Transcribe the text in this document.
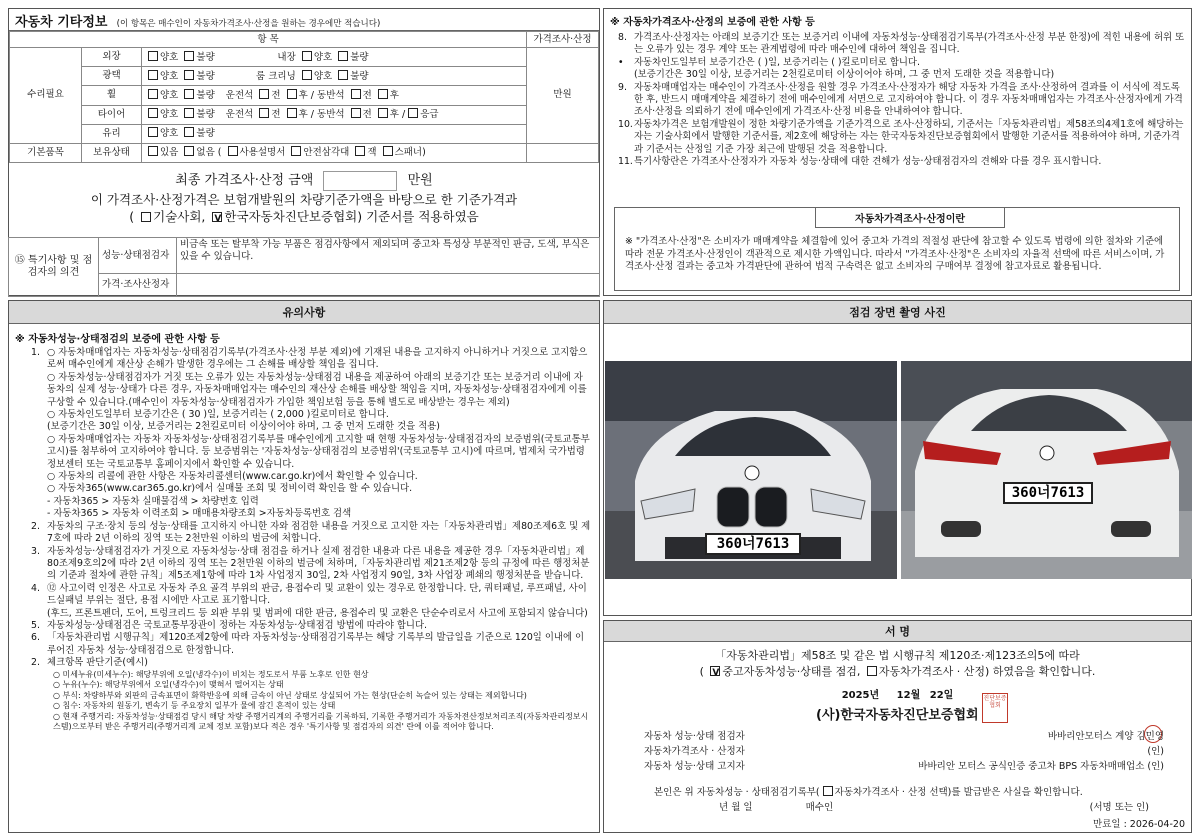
자동차 기타정보 (이 항목은 매수인이 자동차가격조사·산정을 원하는 경우에만 적습니다)
항 목			가격조사·산정
수리필요	외장	양호 불량 내장 양호 불량	만원
	광택	양호 불량 룸 크리닝 양호 불량	
	휠	양호 불량 운전석 전 후 / 동반석 전 후	
	타이어	양호 불량 운전석 전 후 / 동반석 전 후 / 응급	
	유리	양호 불량	
기본품목	보유상태	있음 없음 ( 사용설명서 안전삼각대 잭 스패너)	
최종 가격조사·산정 금액	만원
이 가격조사·산정가격은 보험개발원의 차량기준가액을 바탕으로 한 기준가격과
( 기술사회, V 한국자동차진단보증협회) 기준서를 적용하였음
⑮ 특기사항 및 점검자의 의견	성능·상태점검자	비금속 또는 탈부착 가능 부품은 점검사항에서 제외되며 중고차 특성상 부분적인 판금, 도색, 부식은 있을 수 있습니다.
	가격·조사산정자	
※ 자동차가격조사·산정의 보증에 관한 사항 등
8. 가격조사·산정자는 아래의 보증기간 또는 보증거리 이내에 자동차성능·상태점검기록부(가격조사·산정 부분 한정)에 적힌 내용에 허위 또는 오류가 있는 경우 계약 또는 관계법령에 따라 매수인에 대하여 책임을 집니다.
•	자동차인도일부터 보증기간은 ( )일, 보증거리는 ( )킬로미터로 합니다.
(보증기간은 30일 이상, 보증거리는 2천킬로미터 이상이어야 하며, 그 중 먼저 도래한 것을 적용합니다)
9. 자동차매매업자는 매수인이 가격조사·산정을 원할 경우 가격조사·산정자가 해당 자동차 가격을 조사·산정하여 결과를 이 서식에 적도록 한 후, 반드시 매매계약을 체결하기 전에 매수인에게 서면으로 고지하여야 합니다. 이 경우 자동차매매업자는 가격조사·산정자에게 가격조사·산정을 의뢰하기 전에 매수인에게 가격조사·산정 비용을 안내하여야 합니다.
10. 자동차가격은 보험개발원이 정한 차량기준가액을 기준가격으로 조사·산정하되, 기준서는「자동차관리법」제58조의4제1호에 해당하는 자는 기술사회에서 발행한 기준서를, 제2호에 해당하는 자는 한국자동차진단보증협회에서 발행한 기준서를 적용하여야 하며, 기준가격과 기준서는 산정일 기준 가장 최근에 발행된 것을 적용합니다.
11. 특기사항란은 가격조사·산정자가 자동차 성능·상태에 대한 견해가 성능·상태점검자의 견해와 다를 경우 표시합니다.
자동차가격조사·산정이란
※ "가격조사·산정"은 소비자가 매매계약을 체결함에 있어 중고차 가격의 적절성 판단에 참고할 수 있도록 법령에 의한 절차와 기준에 따라 전문 가격조사·산정인이 객관적으로 제시한 가액입니다. 따라서 "가격조사·산정"은 소비자의 자율적 선택에 따른 서비스이며, 가격조사·산정 결과는 중고차 가격판단에 관하여 법적 구속력은 없고 소비자의 구매여부 결정에 참고자료로 활용됩니다.
유의사항
※ 자동차성능·상태점검의 보증에 관한 사항 등
1. ○ 자동차매매업자는 자동차성능·상태점검기록부(가격조사·산정 부분 제외)에 기재된 내용을 고지하지 아니하거나 거짓으로 고지함으로써 매수인에게 재산상 손해가 발생한 경우에는 그 손해를 배상할 책임을 집니다.
○ 자동차성능·상태점검자가 거짓 또는 오류가 있는 자동차성능·상태점검 내용을 제공하여 아래의 보증기간 또는 보증거리 이내에 자동차의 실제 성능·상태가 다른 경우, 자동차매매업자는 매수인의 재산상 손해를 배상할 책임을 지며, 자동차성능·상태점검자에게 이를 구상할 수 있습니다.(매수인이 자동차성능·상태점검자가 가입한 책임보험 등을 통해 별도로 배상받는 경우는 제외)
○ 자동차인도일부터 보증기간은 ( 30 )일, 보증거리는 ( 2,000 )킬로미터로 합니다.
(보증기간은 30일 이상, 보증거리는 2천킬로미터 이상이어야 하며, 그 중 먼저 도래한 것을 적용)
○ 자동차매매업자는 자동차 자동차성능·상태점검기록부를 매수인에게 고지할 때 현행 자동차성능·상태점검자의 보증범위(국토교통부 고시)를 첨부하여 고지하여야 합니다. 등 보증범위는 '자동차성능·상태점검의 보증범위'(국토교통부 고시)에 따르며, 법제처 국가법령정보센터 또는 국토교통부 홈페이지에서 확인할 수 있습니다.
○ 자동차의 리콜에 관한 사항은 자동차리콜센터(www.car.go.kr)에서 확인할 수 있습니다.
○ 자동차365(www.car365.go.kr)에서 실매물 조회 및 정비이력 확인을 할 수 있습니다.
- 자동차365 > 자동차 실매물검색 > 차량번호 입력
- 자동차365 > 자동차 이력조회 > 매매용차량조회 >자동차등록번호 검색
2. 자동차의 구조·장치 등의 성능·상태를 고지하지 아니한 자와 점검한 내용을 거짓으로 고지한 자는「자동차관리법」제80조제6호 및 제7호에 따라 2년 이하의 징역 또는 2천만원 이하의 벌금에 처합니다.
3. 자동차성능·상태점검자가 거짓으로 자동차성능·상태 점검을 하거나 실제 점검한 내용과 다른 내용을 제공한 경우「자동차관리법」제80조제9호의2에 따라 2년 이하의 징역 또는 2천만원 이하의 벌금에 처하며,「자동차관리법 제21조제2항 등의 규정에 따른 행정처분의 기준과 절차에 관한 규칙」제5조제1항에 따라 1차 사업정지 30일, 2차 사업정지 90일, 3차 사업장 폐쇄의 행정처분을 받습니다.
4. ⑫ 사고이력 인정은 사고로 자동차 주요 골격 부위의 판금, 용접수리 및 교환이 있는 경우로 한정합니다. 단, 쿼터패널, 루프패널, 사이드실패널 부위는 절단, 용접 시에만 사고로 표기합니다.
(후드, 프론트펜더, 도어, 트렁크리드 등 외판 부위 및 범퍼에 대한 판금, 용접수리 및 교환은 단순수리로서 사고에 포함되지 않습니다)
5. 자동차성능·상태점검은 국토교통부장관이 정하는 자동차성능·상태점검 방법에 따라야 합니다.
6. 「자동차관리법 시행규칙」제120조제2항에 따라 자동차성능·상태점검기록부는 해당 기록부의 발급일을 기준으로 120일 이내에 이루어진 자동차 성능·상태점검으로 한정합니다.
2. 체크항목 판단기준(예시)
○ 미세누유(미세누수): 해당부위에 오일(냉각수)이 비치는 정도로서 부품 노후로 인한 현상
○ 누유(누수): 해당부위에서 오일(냉각수)이 맺혀서 떨어지는 상태
○ 부식: 차량하부와 외판의 금속표면이 화학반응에 의해 금속이 아닌 상태로 상실되어 가는 현상(단순히 녹슬어 있는 상태는 제외합니다)
○ 침수: 자동차의 원동기, 변속기 등 주요장치 일부가 물에 잠긴 흔적이 있는 상태
○ 현재 주행거리: 자동차성능·상태점검 당시 해당 차량 주행거리계의 주행거리를 기록하되, 기록한 주행거리가 자동차전산정보처리조직(자동차관리정보시스템)으로부터 받은 주행거리(주행거리계 교체 정보 포함)보다 적은 경우 '특기사항 및 점검자의 의견' 란에 이를 적어야 합니다.
점검 장면 촬영 사진
360너7613
360너7613
서 명
「자동차관리법」제58조 및 같은 법 시행규칙 제120조·제123조의5에 따라
( V중고자동차성능·상태를 점검, 자동차가격조사 · 산정) 하였음을 확인합니다.
2025년 12월 22일
(사)한국자동차진단보증협회
진단보증협회
자동차 성능·상태 점검자	바바리안모터스 계양 김민영
자동차가격조사 · 산정자	(인)
자동차 성능·상태 고지자	바바리안 모터스 공식인증 중고차 BPS 자동차매매업소 (인)
본인은 위 자동차성능 · 상태점검기록부( 자동차가격조사 · 산정 선택)를 발급받은 사실을 확인합니다.
년 월 일	매수인	(서명 또는 인)
만료일 : 2026-04-20
